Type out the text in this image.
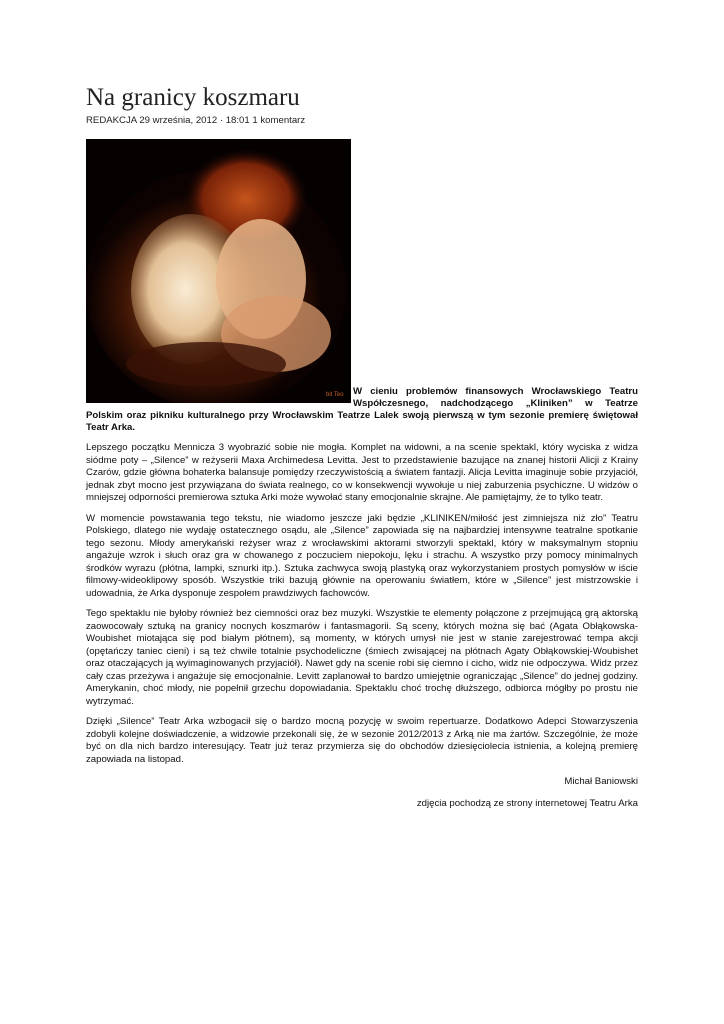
Na granicy koszmaru
REDAKCJA 29 września, 2012 · 18:01 1 komentarz
bit Teo W cieniu problemów finansowych Wrocławskiego Teatru Współczesnego, nadchodzącego „Kliniken” w Teatrze Polskim oraz pikniku kulturalnego przy Wrocławskim Teatrze Lalek swoją pierwszą w tym sezonie premierę świętował Teatr Arka.

Lepszego początku Mennicza 3 wyobrazić sobie nie mogła. Komplet na widowni, a na scenie spektakl, który wyciska z widza siódme poty – „Silence” w reżyserii Maxa Archimedesa Levitta. Jest to przedstawienie bazujące na znanej historii Alicji z Krainy Czarów, gdzie główna bohaterka balansuje pomiędzy rzeczywistością a światem fantazji. Alicja Levitta imaginuje sobie przyjaciół, jednak zbyt mocno jest przywiązana do świata realnego, co w konsekwencji wywołuje u niej zaburzenia psychiczne. U widzów o mniejszej odporności premierowa sztuka Arki może wywołać stany emocjonalnie skrajne. Ale pamiętajmy, że to tylko teatr.

W momencie powstawania tego tekstu, nie wiadomo jeszcze jaki będzie „KLINIKEN/miłość jest zimniejsza niż zło” Teatru Polskiego, dlatego nie wydaję ostatecznego osądu, ale „Silence” zapowiada się na najbardziej intensywne teatralne spotkanie tego sezonu. Młody amerykański reżyser wraz z wrocławskimi aktorami stworzyli spektakl, który w maksymalnym stopniu angażuje wzrok i słuch oraz gra w chowanego z poczuciem niepokoju, lęku i strachu. A wszystko przy pomocy minimalnych środków wyrazu (płótna, lampki, sznurki itp.). Sztuka zachwyca swoją plastyką oraz wykorzystaniem prostych pomysłów w iście filmowy-wideoklipowy sposób. Wszystkie triki bazują głównie na operowaniu światłem, które w „Silence” jest mistrzowskie i udowadnia, że Arka dysponuje zespołem prawdziwych fachowców.

Tego spektaklu nie byłoby również bez ciemności oraz bez muzyki. Wszystkie te elementy połączone z przejmującą grą aktorską zaowocowały sztuką na granicy nocnych koszmarów i fantasmagorii. Są sceny, których można się bać (Agata Obłąkowska-Woubishet miotająca się pod białym płótnem), są momenty, w których umysł nie jest w stanie zarejestrować tempa akcji (opętańczy taniec cieni) i są też chwile totalnie psychodeliczne (śmiech zwisającej na płótnach Agaty Obłąkowskiej-Woubishet oraz otaczających ją wyimaginowanych przyjaciół). Nawet gdy na scenie robi się ciemno i cicho, widz nie odpoczywa. Widz przez cały czas przeżywa i angażuje się emocjonalnie. Levitt zaplanował to bardzo umiejętnie ograniczając „Silence” do jednej godziny. Amerykanin, choć młody, nie popełnił grzechu dopowiadania. Spektaklu choć trochę dłuższego, odbiorca mógłby po prostu nie wytrzymać.

Dzięki „Silence” Teatr Arka wzbogacił się o bardzo mocną pozycję w swoim repertuarze. Dodatkowo Adepci Stowarzyszenia zdobyli kolejne doświadczenie, a widzowie przekonali się, że w sezonie 2012/2013 z Arką nie ma żartów. Szczególnie, że może być on dla nich bardzo interesujący. Teatr już teraz przymierza się do obchodów dziesięciolecia istnienia, a kolejną premierę zapowiada na listopad.

Michał Baniowski

zdjęcia pochodzą ze strony internetowej Teatru Arka
